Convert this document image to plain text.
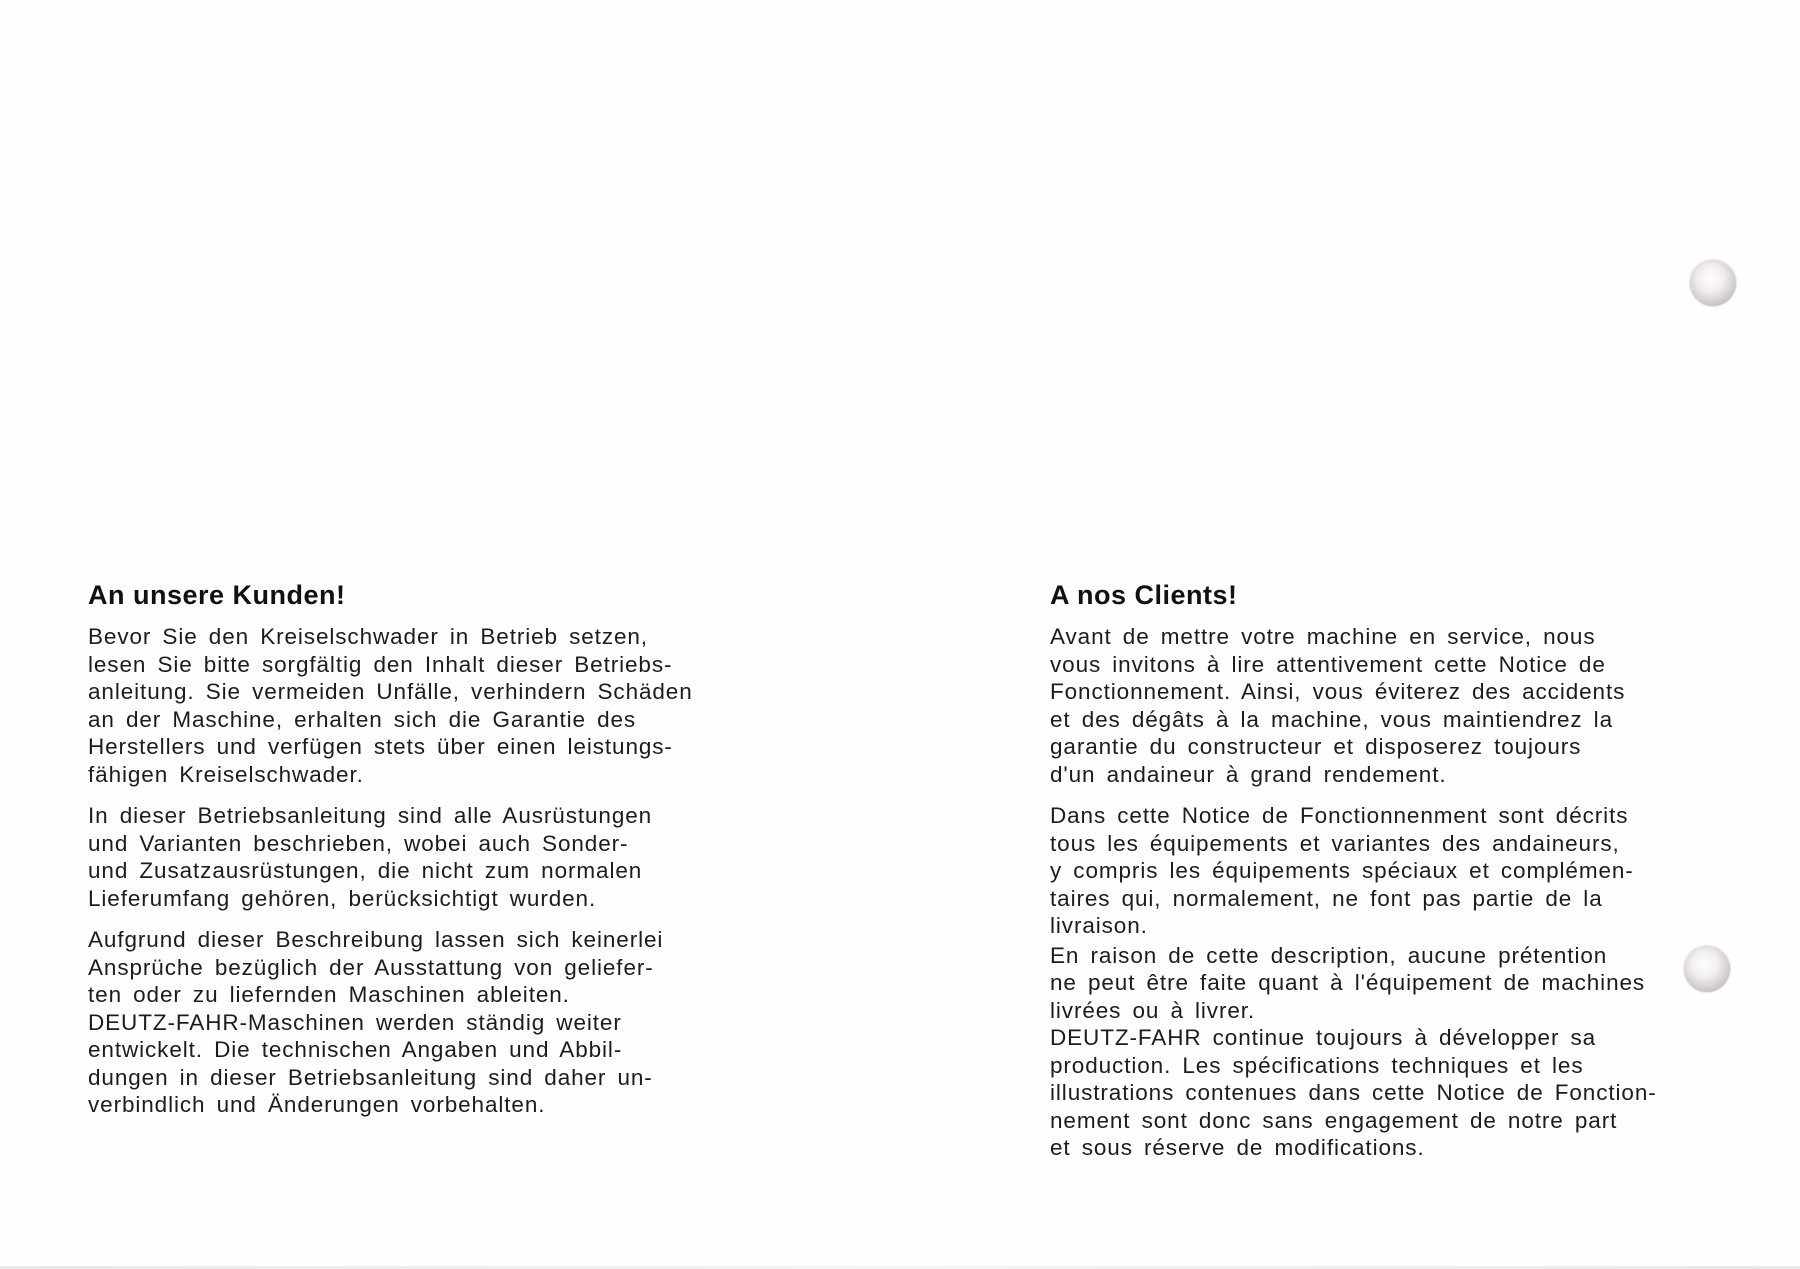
An unsere Kunden!
Bevor Sie den Kreiselschwader in Betrieb setzen,
lesen Sie bitte sorgfältig den Inhalt dieser Betriebs-
anleitung. Sie vermeiden Unfälle, verhindern Schäden
an der Maschine, erhalten sich die Garantie des
Herstellers und verfügen stets über einen leistungs-
fähigen Kreiselschwader.
In dieser Betriebsanleitung sind alle Ausrüstungen
und Varianten beschrieben, wobei auch Sonder-
und Zusatzausrüstungen, die nicht zum normalen
Lieferumfang gehören, berücksichtigt wurden.
Aufgrund dieser Beschreibung lassen sich keinerlei
Ansprüche bezüglich der Ausstattung von geliefer-
ten oder zu liefernden Maschinen ableiten.
DEUTZ-FAHR-Maschinen werden ständig weiter
entwickelt. Die technischen Angaben und Abbil-
dungen in dieser Betriebsanleitung sind daher un-
verbindlich und Änderungen vorbehalten.
A nos Clients!
Avant de mettre votre machine en service, nous
vous invitons à lire attentivement cette Notice de
Fonctionnement. Ainsi, vous éviterez des accidents
et des dégâts à la machine, vous maintiendrez la
garantie du constructeur et disposerez toujours
d'un andaineur à grand rendement.
Dans cette Notice de Fonctionnenment sont décrits
tous les équipements et variantes des andaineurs,
y compris les équipements spéciaux et complémen-
taires qui, normalement, ne font pas partie de la
livraison.
En raison de cette description, aucune prétention
ne peut être faite quant à l'équipement de machines
livrées ou à livrer.
DEUTZ-FAHR continue toujours à développer sa
production. Les spécifications techniques et les
illustrations contenues dans cette Notice de Fonction-
nement sont donc sans engagement de notre part
et sous réserve de modifications.
